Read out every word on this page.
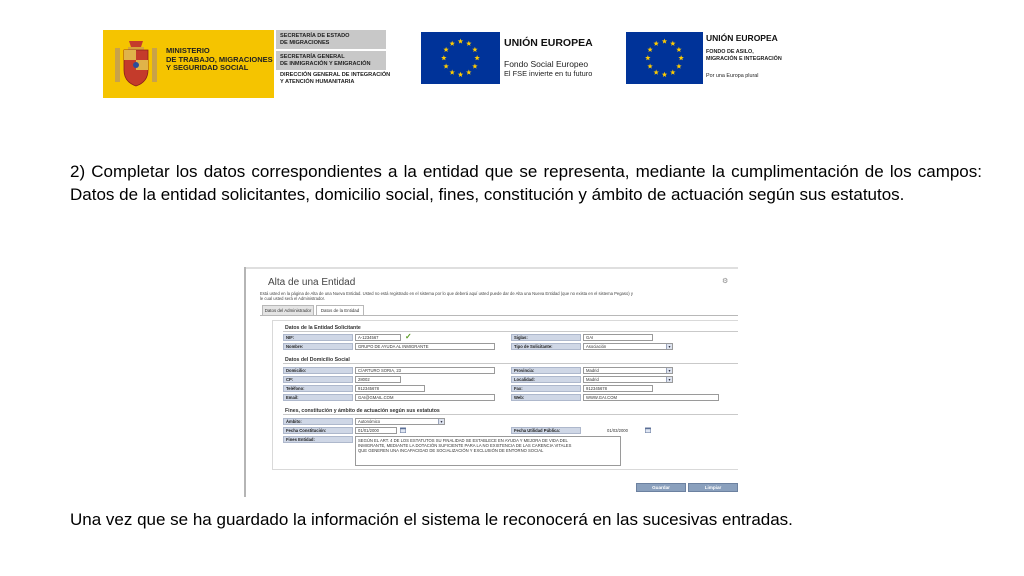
MINISTERIO
DE TRABAJO, MIGRACIONES
Y SEGURIDAD SOCIAL
SECRETARÍA DE ESTADO
DE MIGRACIONES
SECRETARÍA GENERAL
DE INMIGRACIÓN Y EMIGRACIÓN
DIRECCIÓN GENERAL DE INTEGRACIÓN
Y ATENCIÓN HUMANITARIA
UNIÓN EUROPEA
Fondo Social Europeo
El FSE invierte en tu futuro
UNIÓN EUROPEA
FONDO DE ASILO,
MIGRACIÓN E INTEGRACIÓN
Por una Europa plural

2) Completar los datos correspondientes a la entidad que se representa, mediante la cumplimentación de los campos: Datos de la entidad solicitantes, domicilio social, fines, constitución y ámbito de actuación según sus estatutos.

Alta de una Entidad	⚙
Está usted en la página de Alta de una Nueva Entidad. Usted no está registrado en el sistema por lo que deberá aquí usted puede dar de Alta una Nueva Entidad (que no exista en el sistema Pegaso) y
le cual usted será el Administrador.
Datos del Administrador	Datos de la Entidad
Datos de la Entidad Solicitante
NIF:	A-1234567	✓	Siglas:	GAI
Nombre:	GRUPO DE AYUDA AL INMIGRANTE	Tipo de Solicitante:	Asociación	▾
Datos del Domicilio Social
Domicilio:	C/ARTURO SORIA, 23	Provincia:	Madrid	▾
CP:	28002	Localidad:	Madrid	▾
Teléfono:	912345678	Fax:	912345678
Email:	GAI@GMAIL.COM	Web:	WWW.GAI.COM
Fines, constitución y ámbito de actuación según sus estatutos
Ámbito:	Autonómico	▾
Fecha Constitución:	01/01/2000	Fecha Utilidad Pública:	01/03/2000
Fines Entidad:	SEGÚN EL ART. 4 DE LOS ESTATUTOS SU FINALIDAD SE ESTABLECE EN AYUDA Y MEJORA DE VIDA DEL
INMIGRANTE, MEDIANTE LA DOTACIÓN SUFICIENTE PARA LA NO EXISTENCIA DE LAS CARENCIA VITALES
QUE GENEREN UNA INCAPACIDAD DE SOCIALIZACIÓN Y EXCLUSIÓN DE ENTORNO SOCIAL
Guardar	Limpiar

Una vez que se ha guardado la información el sistema le reconocerá en las sucesivas entradas.
